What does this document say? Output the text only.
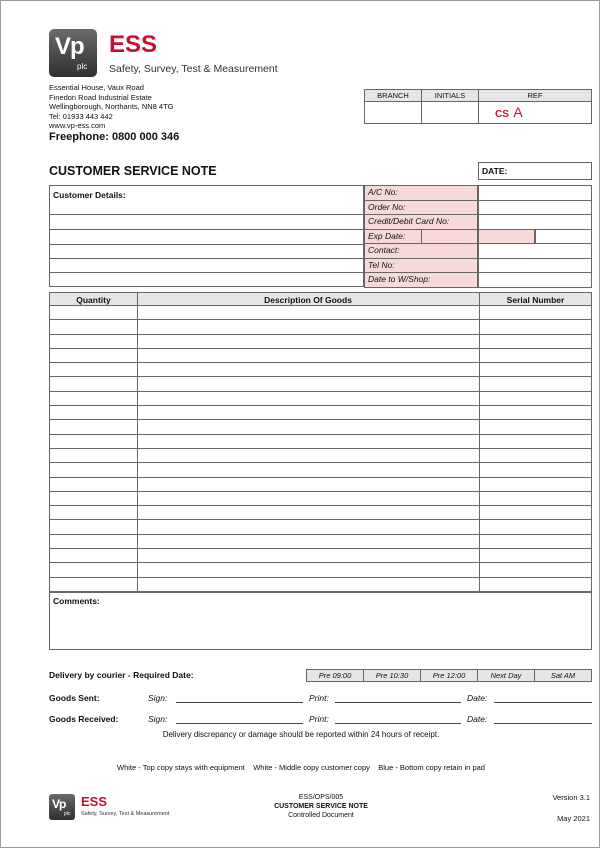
Vp
plc
ESS
Safety, Survey, Test & Measurement
Essential House, Vaux Road
Finedon Road Industrial Estate
Wellingborough, Northants, NN8 4TG
Tel: 01933 443 442
www.vp-ess.com
Freephone: 0800 000 346
BRANCH	INITIALS	REF
		CS A
CUSTOMER SERVICE NOTE	DATE:
Customer Details:	A/C No:
Order No:
Credit/Debit Card No:
Exp Date:
Contact:
Tel No:
Date to W/Shop:
Quantity	Description Of Goods	Serial Number
Comments:
Delivery by courier - Required Date:	Pre 09:00	Pre 10:30	Pre 12:00	Next Day	Sat AM
Goods Sent:	Sign:	Print:	Date:
Goods Received:	Sign:	Print:	Date:
Delivery discrepancy or damage should be reported within 24 hours of receipt.
White - Top copy stays with equipment    White - Middle copy customer copy    Blue - Bottom copy retain in pad
Vp
plc
ESS
Safety, Survey, Test & Measurement
ESS/OPS/005
CUSTOMER SERVICE NOTE
Controlled Document
Version 3.1
May 2021
